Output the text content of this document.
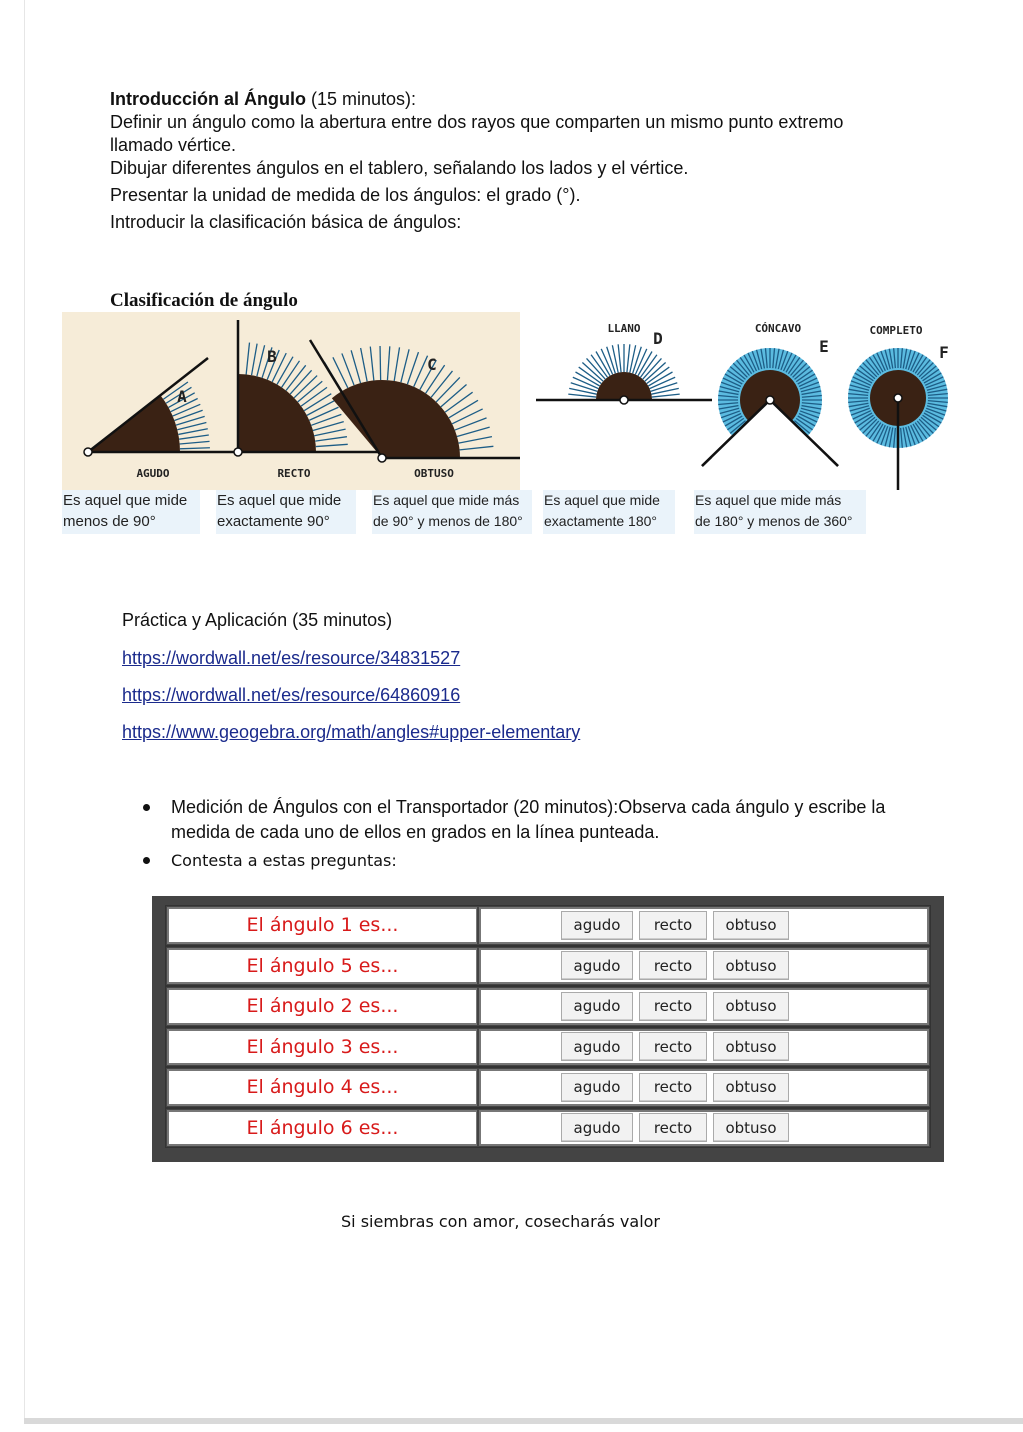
Introducción al Ángulo (15 minutos):

Definir un ángulo como la abertura entre dos rayos que comparten un mismo punto extremo llamado vértice.

Dibujar diferentes ángulos en el tablero, señalando los lados y el vértice.

Presentar la unidad de medida de los ángulos: el grado (°).

Introducir la clasificación básica de ángulos:

Clasificación de ángulo
A
AGUDO
B
RECTO
C
OBTUSO
D
LLANO
E
CÓNCAVO
F
COMPLETO
Es aquel que mide
menos de 90°
Es aquel que mide
exactamente 90°
Es aquel que mide más
de 90° y menos de 180°
Es aquel que mide
exactamente 180°
Es aquel que mide más
de 180° y menos de 360°
Práctica y Aplicación (35 minutos)
https://wordwall.net/es/resource/34831527
https://wordwall.net/es/resource/64860916
https://www.geogebra.org/math/angles#upper-elementary
Medición de Ángulos con el Transportador (20 minutos):Observa cada ángulo y escribe la medida de cada uno de ellos en grados en la línea punteada.
Contesta a estas preguntas:
El ángulo 1 es...	agudo	recto	obtuso
El ángulo 5 es...	agudo	recto	obtuso
El ángulo 2 es...	agudo	recto	obtuso
El ángulo 3 es...	agudo	recto	obtuso
El ángulo 4 es...	agudo	recto	obtuso
El ángulo 6 es...	agudo	recto	obtuso
Si siembras con amor, cosecharás valor
